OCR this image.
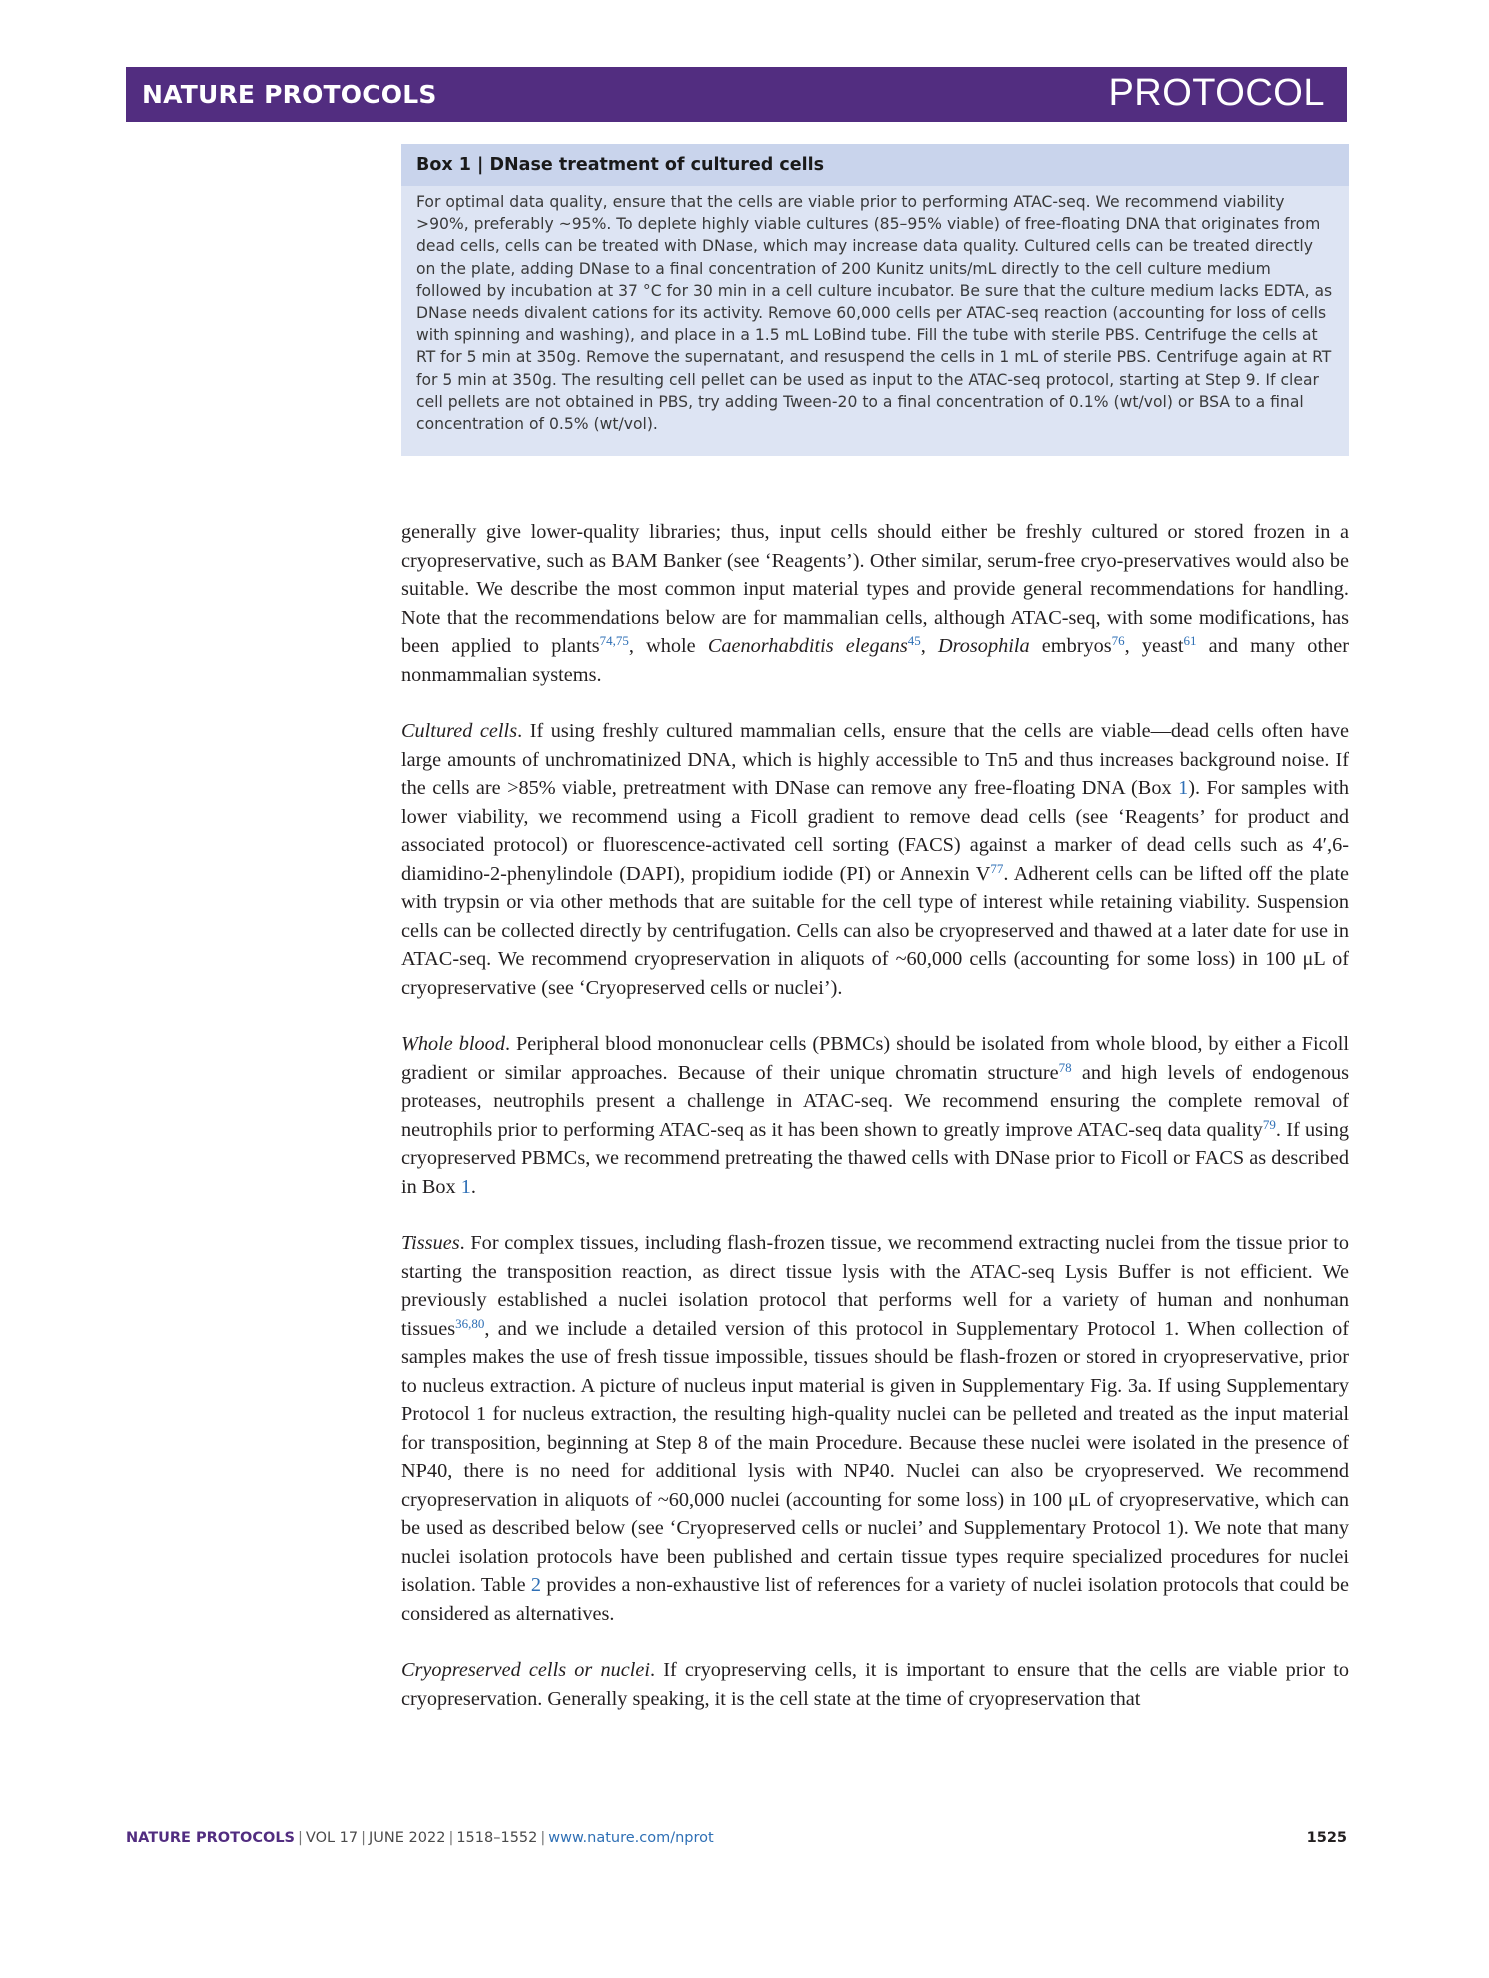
NATURE PROTOCOLS	PROTOCOL
Box 1 | DNase treatment of cultured cells

For optimal data quality, ensure that the cells are viable prior to performing ATAC-seq. We recommend viability >90%, preferably ~95%. To deplete highly viable cultures (85–95% viable) of free-floating DNA that originates from dead cells, cells can be treated with DNase, which may increase data quality. Cultured cells can be treated directly on the plate, adding DNase to a final concentration of 200 Kunitz units/mL directly to the cell culture medium followed by incubation at 37 °C for 30 min in a cell culture incubator. Be sure that the culture medium lacks EDTA, as DNase needs divalent cations for its activity. Remove 60,000 cells per ATAC-seq reaction (accounting for loss of cells with spinning and washing), and place in a 1.5 mL LoBind tube. Fill the tube with sterile PBS. Centrifuge the cells at RT for 5 min at 350g. Remove the supernatant, and resuspend the cells in 1 mL of sterile PBS. Centrifuge again at RT for 5 min at 350g. The resulting cell pellet can be used as input to the ATAC-seq protocol, starting at Step 9. If clear cell pellets are not obtained in PBS, try adding Tween-20 to a final concentration of 0.1% (wt/vol) or BSA to a final concentration of 0.5% (wt/vol).

generally give lower-quality libraries; thus, input cells should either be freshly cultured or stored frozen in a cryopreservative, such as BAM Banker (see ‘Reagents’). Other similar, serum-free cryo-preservatives would also be suitable. We describe the most common input material types and provide general recommendations for handling. Note that the recommendations below are for mammalian cells, although ATAC-seq, with some modifications, has been applied to plants$^{74,75}$, whole Caenorhabditis elegans$^{45}$, Drosophila embryos$^{76}$, yeast$^{61}$ and many other nonmammalian systems.

Cultured cells. If using freshly cultured mammalian cells, ensure that the cells are viable—dead cells often have large amounts of unchromatinized DNA, which is highly accessible to Tn5 and thus increases background noise. If the cells are >85% viable, pretreatment with DNase can remove any free-floating DNA (Box 1). For samples with lower viability, we recommend using a Ficoll gradient to remove dead cells (see ‘Reagents’ for product and associated protocol) or fluorescence-activated cell sorting (FACS) against a marker of dead cells such as 4′,6-diamidino-2-phenylindole (DAPI), propidium iodide (PI) or Annexin V$^{77}$. Adherent cells can be lifted off the plate with trypsin or via other methods that are suitable for the cell type of interest while retaining viability. Suspension cells can be collected directly by centrifugation. Cells can also be cryopreserved and thawed at a later date for use in ATAC-seq. We recommend cryopreservation in aliquots of ~60,000 cells (accounting for some loss) in 100 μL of cryopreservative (see ‘Cryopreserved cells or nuclei’).

Whole blood. Peripheral blood mononuclear cells (PBMCs) should be isolated from whole blood, by either a Ficoll gradient or similar approaches. Because of their unique chromatin structure$^{78}$ and high levels of endogenous proteases, neutrophils present a challenge in ATAC-seq. We recommend ensuring the complete removal of neutrophils prior to performing ATAC-seq as it has been shown to greatly improve ATAC-seq data quality$^{79}$. If using cryopreserved PBMCs, we recommend pretreating the thawed cells with DNase prior to Ficoll or FACS as described in Box 1.

Tissues. For complex tissues, including flash-frozen tissue, we recommend extracting nuclei from the tissue prior to starting the transposition reaction, as direct tissue lysis with the ATAC-seq Lysis Buffer is not efficient. We previously established a nuclei isolation protocol that performs well for a variety of human and nonhuman tissues$^{36,80}$, and we include a detailed version of this protocol in Supplementary Protocol 1. When collection of samples makes the use of fresh tissue impossible, tissues should be flash-frozen or stored in cryopreservative, prior to nucleus extraction. A picture of nucleus input material is given in Supplementary Fig. 3a. If using Supplementary Protocol 1 for nucleus extraction, the resulting high-quality nuclei can be pelleted and treated as the input material for transposition, beginning at Step 8 of the main Procedure. Because these nuclei were isolated in the presence of NP40, there is no need for additional lysis with NP40. Nuclei can also be cryopreserved. We recommend cryopreservation in aliquots of ~60,000 nuclei (accounting for some loss) in 100 μL of cryopreservative, which can be used as described below (see ‘Cryopreserved cells or nuclei’ and Supplementary Protocol 1). We note that many nuclei isolation protocols have been published and certain tissue types require specialized procedures for nuclei isolation. Table 2 provides a non-exhaustive list of references for a variety of nuclei isolation protocols that could be considered as alternatives.

Cryopreserved cells or nuclei. If cryopreserving cells, it is important to ensure that the cells are viable prior to cryopreservation. Generally speaking, it is the cell state at the time of cryopreservation that

NATURE PROTOCOLS | VOL 17 | JUNE 2022 | 1518–1552 | www.nature.com/nprot	1525
